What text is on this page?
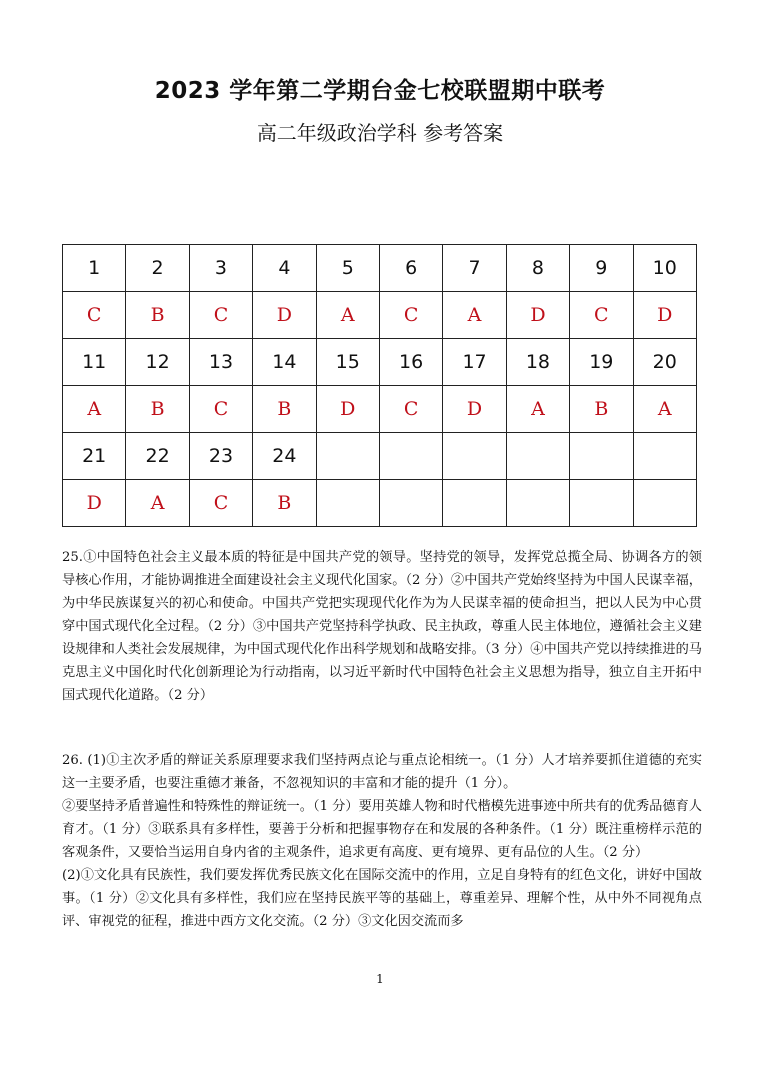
2023 学年第二学期台金七校联盟期中联考
高二年级政治学科 参考答案
1	2	3	4	5	6	7	8	9	10
C	B	C	D	A	C	A	D	C	D
11	12	13	14	15	16	17	18	19	20
A	B	C	B	D	C	D	A	B	A
21	22	23	24						
D	A	C	B						

25.①中国特色社会主义最本质的特征是中国共产党的领导。坚持党的领导，发挥党总揽全局、协调各方的领导核心作用，才能协调推进全面建设社会主义现代化国家。（2 分）②中国共产党始终坚持为中国人民谋幸福，为中华民族谋复兴的初心和使命。中国共产党把实现现代化作为为人民谋幸福的使命担当，把以人民为中心贯穿中国式现代化全过程。（2 分）③中国共产党坚持科学执政、民主执政，尊重人民主体地位，遵循社会主义建设规律和人类社会发展规律，为中国式现代化作出科学规划和战略安排。（3 分）④中国共产党以持续推进的马克思主义中国化时代化创新理论为行动指南，以习近平新时代中国特色社会主义思想为指导，独立自主开拓中国式现代化道路。（2 分）

26. (1)①主次矛盾的辩证关系原理要求我们坚持两点论与重点论相统一。（1 分）人才培养要抓住道德的充实这一主要矛盾，也要注重德才兼备，不忽视知识的丰富和才能的提升（1 分）。

②要坚持矛盾普遍性和特殊性的辩证统一。（1 分）要用英雄人物和时代楷模先进事迹中所共有的优秀品德育人育才。（1 分）③联系具有多样性，要善于分析和把握事物存在和发展的各种条件。（1 分）既注重榜样示范的客观条件，又要恰当运用自身内省的主观条件，追求更有高度、更有境界、更有品位的人生。（2 分）

(2)①文化具有民族性，我们要发挥优秀民族文化在国际交流中的作用，立足自身特有的红色文化，讲好中国故事。（1 分）②文化具有多样性，我们应在坚持民族平等的基础上，尊重差异、理解个性，从中外不同视角点评、审视党的征程，推进中西方文化交流。（2 分）③文化因交流而多

1
